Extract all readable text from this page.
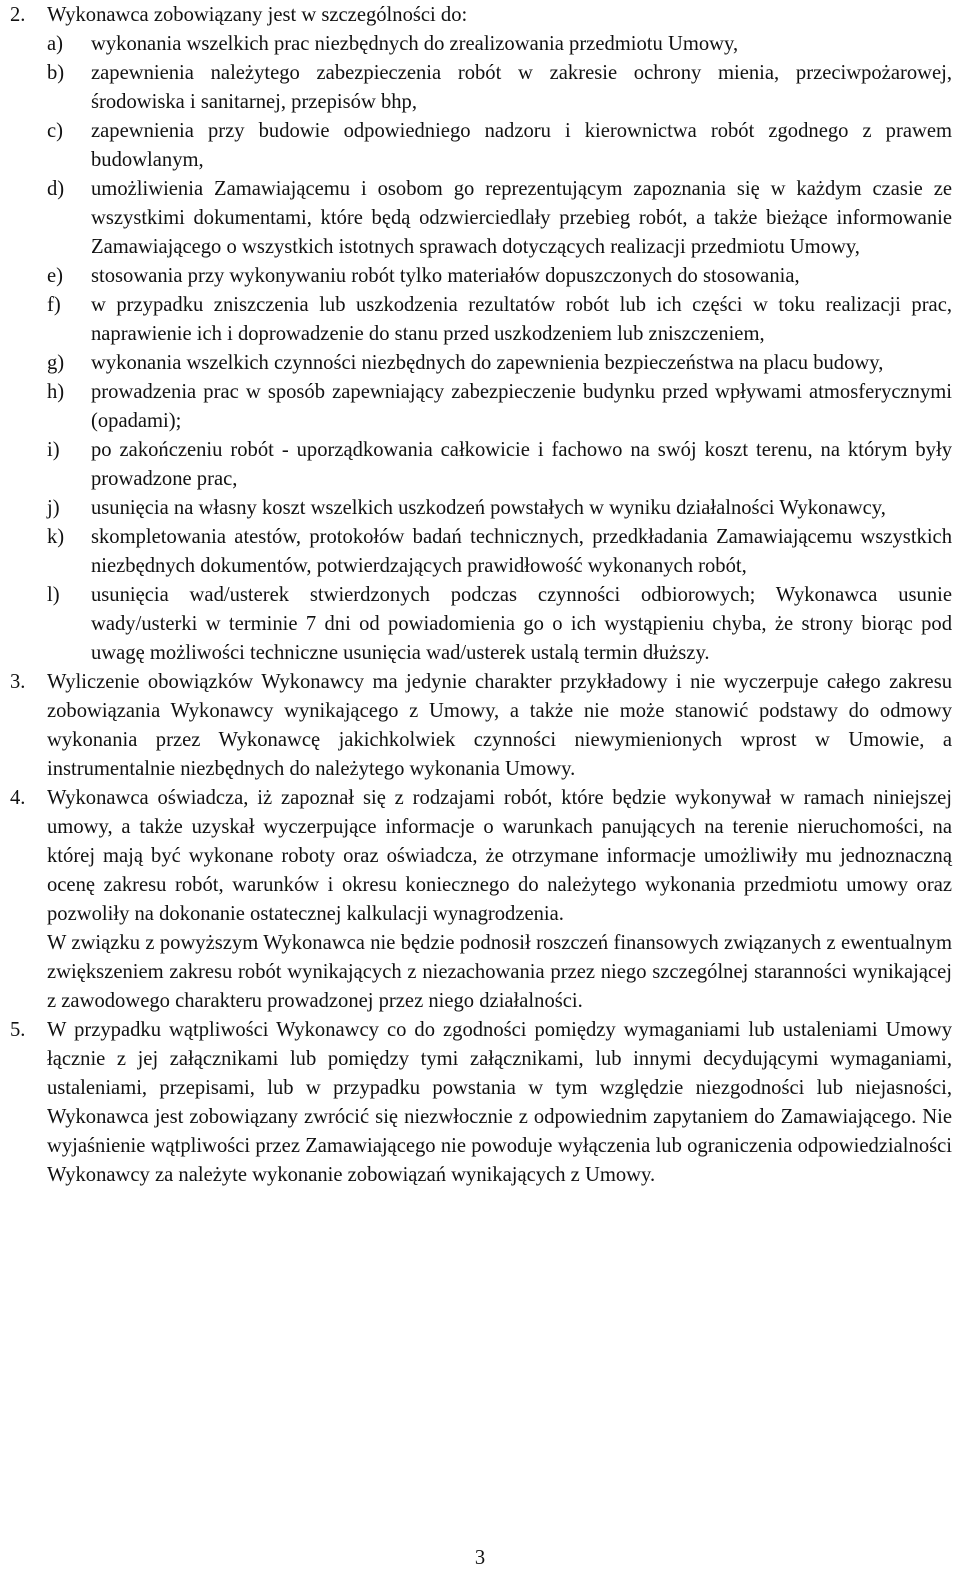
2.	Wykonawca zobowiązany jest w szczególności do:
a)	wykonania wszelkich prac niezbędnych do zrealizowania przedmiotu Umowy,
b)	zapewnienia należytego zabezpieczenia robót w zakresie ochrony mienia, przeciwpożarowej, środowiska i sanitarnej, przepisów bhp,
c)	zapewnienia przy budowie odpowiedniego nadzoru i kierownictwa robót zgodnego z prawem budowlanym,
d)	umożliwienia Zamawiającemu i osobom go reprezentującym zapoznania się w każdym czasie ze wszystkimi dokumentami, które będą odzwierciedlały przebieg robót, a także bieżące informowanie Zamawiającego o wszystkich istotnych sprawach dotyczących realizacji przedmiotu Umowy,
e)	stosowania przy wykonywaniu robót tylko materiałów dopuszczonych do stosowania,
f)	w przypadku zniszczenia lub uszkodzenia rezultatów robót lub ich części w toku realizacji prac, naprawienie ich i doprowadzenie do stanu przed uszkodzeniem lub zniszczeniem,
g)	wykonania wszelkich czynności niezbędnych do zapewnienia bezpieczeństwa na placu budowy,
h)	prowadzenia prac w sposób zapewniający zabezpieczenie budynku przed wpływami atmosferycznymi (opadami);
i)	po zakończeniu robót - uporządkowania całkowicie i fachowo na swój koszt terenu, na którym były prowadzone prac,
j)	usunięcia na własny koszt wszelkich uszkodzeń powstałych w wyniku działalności Wykonawcy,
k)	skompletowania atestów, protokołów badań technicznych, przedkładania Zamawiającemu wszystkich niezbędnych dokumentów, potwierdzających prawidłowość wykonanych robót,
l)	usunięcia wad/usterek stwierdzonych podczas czynności odbiorowych; Wykonawca usunie wady/usterki w terminie 7 dni od powiadomienia go o ich wystąpieniu chyba, że strony biorąc pod uwagę możliwości techniczne usunięcia wad/usterek ustalą termin dłuższy.
3.	Wyliczenie obowiązków Wykonawcy ma jedynie charakter przykładowy i nie wyczerpuje całego zakresu zobowiązania Wykonawcy wynikającego z Umowy, a także nie może stanowić podstawy do odmowy wykonania przez Wykonawcę jakichkolwiek czynności niewymienionych wprost w Umowie, a instrumentalnie niezbędnych do należytego wykonania Umowy.
4.	Wykonawca oświadcza, iż zapoznał się z rodzajami robót, które będzie wykonywał w ramach niniejszej umowy, a także uzyskał wyczerpujące informacje o warunkach panujących na terenie nieruchomości, na której mają być wykonane roboty oraz oświadcza, że otrzymane informacje umożliwiły mu jednoznaczną ocenę zakresu robót, warunków i okresu koniecznego do należytego wykonania przedmiotu umowy oraz pozwoliły na dokonanie ostatecznej kalkulacji wynagrodzenia.
W związku z powyższym Wykonawca nie będzie podnosił roszczeń finansowych związanych z ewentualnym zwiększeniem zakresu robót wynikających z niezachowania przez niego szczególnej staranności wynikającej z zawodowego charakteru prowadzonej przez niego działalności.
5.	W przypadku wątpliwości Wykonawcy co do zgodności pomiędzy wymaganiami lub ustaleniami Umowy łącznie z jej załącznikami lub pomiędzy tymi załącznikami, lub innymi decydującymi wymaganiami, ustaleniami, przepisami, lub w przypadku powstania w tym względzie niezgodności lub niejasności, Wykonawca jest zobowiązany zwrócić się niezwłocznie z odpowiednim zapytaniem do Zamawiającego. Nie wyjaśnienie wątpliwości przez Zamawiającego nie powoduje wyłączenia lub ograniczenia odpowiedzialności Wykonawcy za należyte wykonanie zobowiązań wynikających z Umowy.
3
